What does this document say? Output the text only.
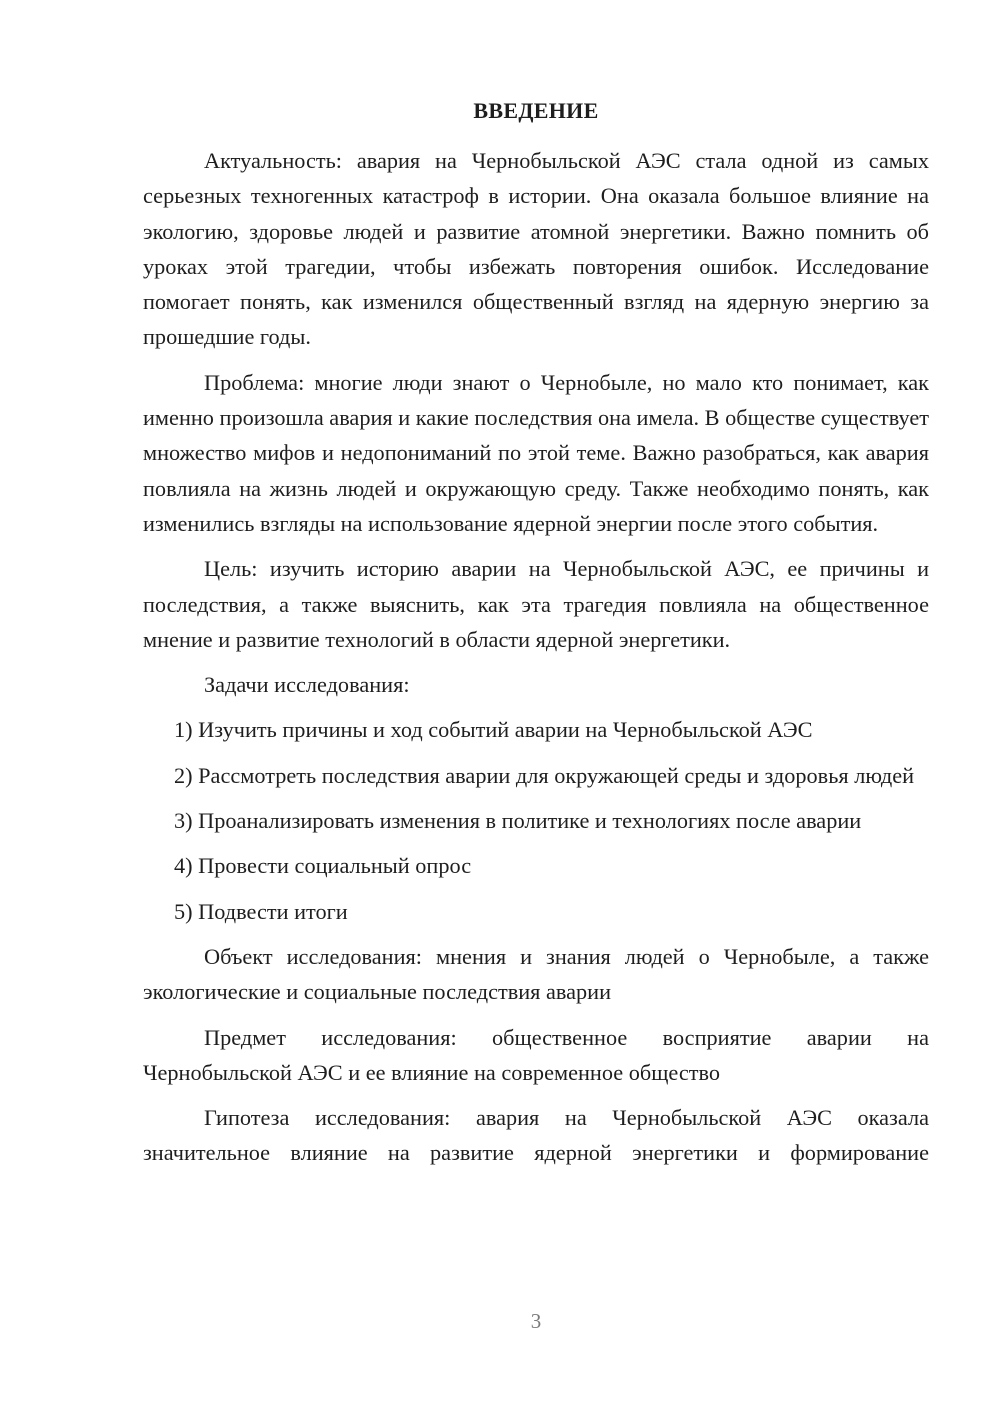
ВВЕДЕНИЕ

Актуальность: авария на Чернобыльской АЭС стала одной из самых серьезных техногенных катастроф в истории. Она оказала большое влияние на экологию, здоровье людей и развитие атомной энергетики. Важно помнить об уроках этой трагедии, чтобы избежать повторения ошибок. Исследование помогает понять, как изменился общественный взгляд на ядерную энергию за прошедшие годы.

Проблема: многие люди знают о Чернобыле, но мало кто понимает, как именно произошла авария и какие последствия она имела. В обществе существует множество мифов и недопониманий по этой теме. Важно разобраться, как авария повлияла на жизнь людей и окружающую среду. Также необходимо понять, как изменились взгляды на использование ядерной энергии после этого события.

Цель: изучить историю аварии на Чернобыльской АЭС, ее причины и последствия, а также выяснить, как эта трагедия повлияла на общественное мнение и развитие технологий в области ядерной энергетики.

Задачи исследования:

1) Изучить причины и ход событий аварии на Чернобыльской АЭС

2) Рассмотреть последствия аварии для окружающей среды и здоровья людей

3) Проанализировать изменения в политике и технологиях после аварии

4) Провести социальный опрос

5) Подвести итоги

Объект исследования: мнения и знания людей о Чернобыле, а также экологические и социальные последствия аварии

Предмет исследования: общественное восприятие аварии на Чернобыльской АЭС и ее влияние на современное общество

Гипотеза исследования: авария на Чернобыльской АЭС оказала значительное влияние на развитие ядерной энергетики и формирование

3
